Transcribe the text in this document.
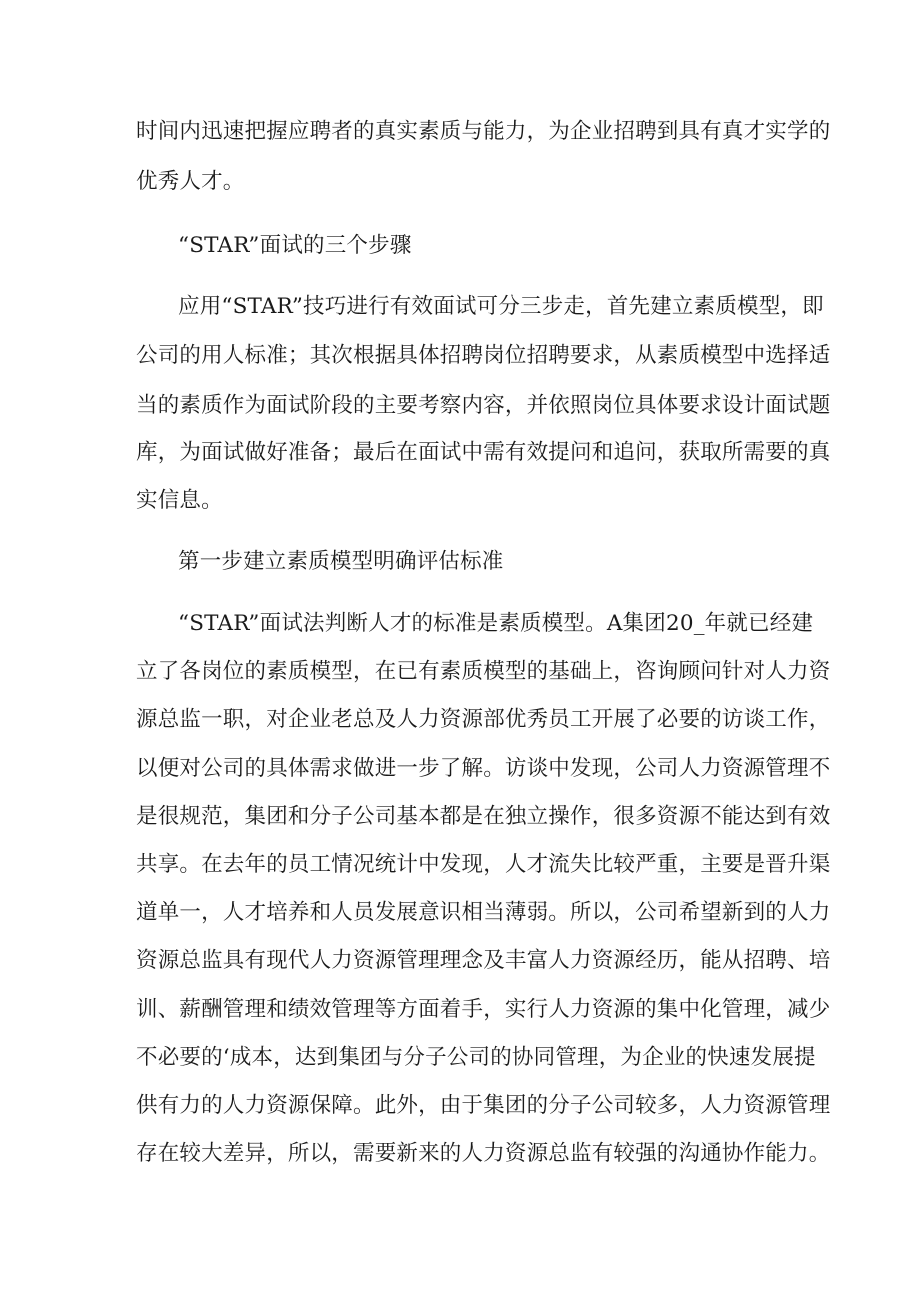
时间内迅速把握应聘者的真实素质与能力，为企业招聘到具有真才实学的
优秀人才。
“STAR”面试的三个步骤
应用“STAR”技巧进行有效面试可分三步走，首先建立素质模型，即
公司的用人标准；其次根据具体招聘岗位招聘要求，从素质模型中选择适
当的素质作为面试阶段的主要考察内容，并依照岗位具体要求设计面试题
库，为面试做好准备；最后在面试中需有效提问和追问，获取所需要的真
实信息。
第一步建立素质模型明确评估标准
“STAR”面试法判断人才的标准是素质模型。A集团20_年就已经建
立了各岗位的素质模型，在已有素质模型的基础上，咨询顾问针对人力资
源总监一职，对企业老总及人力资源部优秀员工开展了必要的访谈工作，
以便对公司的具体需求做进一步了解。访谈中发现，公司人力资源管理不
是很规范，集团和分子公司基本都是在独立操作，很多资源不能达到有效
共享。在去年的员工情况统计中发现，人才流失比较严重，主要是晋升渠
道单一，人才培养和人员发展意识相当薄弱。所以，公司希望新到的人力
资源总监具有现代人力资源管理理念及丰富人力资源经历，能从招聘、培
训、薪酬管理和绩效管理等方面着手，实行人力资源的集中化管理，减少
不必要的‘成本，达到集团与分子公司的协同管理，为企业的快速发展提
供有力的人力资源保障。此外，由于集团的分子公司较多，人力资源管理
存在较大差异，所以，需要新来的人力资源总监有较强的沟通协作能力。
